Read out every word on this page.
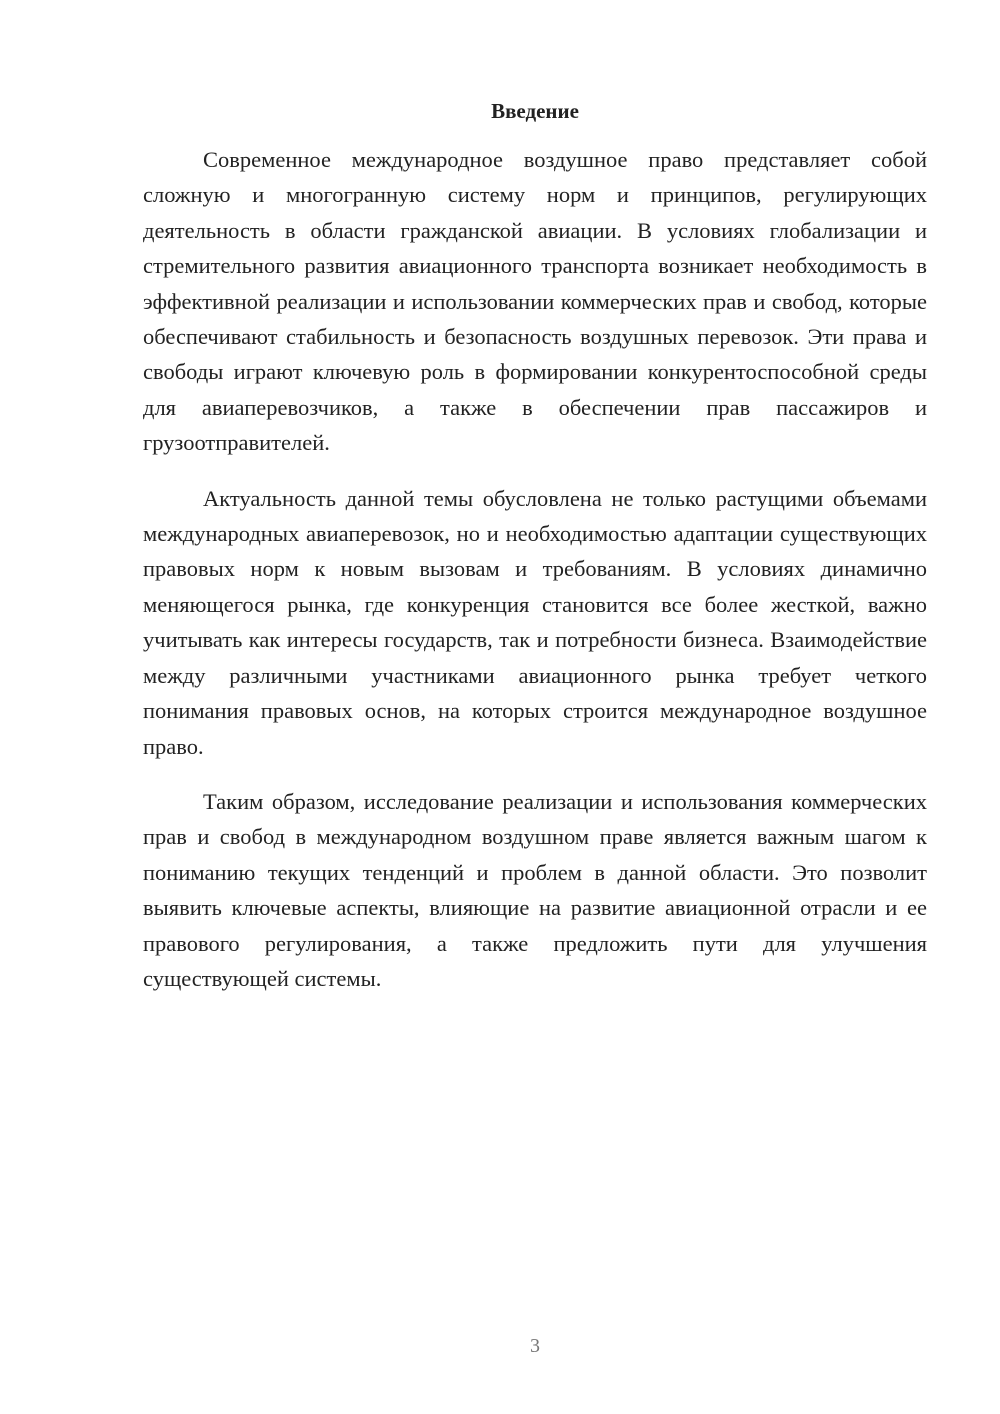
Введение

Современное международное воздушное право представляет собой сложную и многогранную систему норм и принципов, регулирующих деятельность в области гражданской авиации. В условиях глобализации и стремительного развития авиационного транспорта возникает необходимость в эффективной реализации и использовании коммерческих прав и свобод, которые обеспечивают стабильность и безопасность воздушных перевозок. Эти права и свободы играют ключевую роль в формировании конкурентоспособной среды для авиаперевозчиков, а также в обеспечении прав пассажиров и грузоотправителей.

Актуальность данной темы обусловлена не только растущими объемами международных авиаперевозок, но и необходимостью адаптации существующих правовых норм к новым вызовам и требованиям. В условиях динамично меняющегося рынка, где конкуренция становится все более жесткой, важно учитывать как интересы государств, так и потребности бизнеса. Взаимодействие между различными участниками авиационного рынка требует четкого понимания правовых основ, на которых строится международное воздушное право.

Таким образом, исследование реализации и использования коммерческих прав и свобод в международном воздушном праве является важным шагом к пониманию текущих тенденций и проблем в данной области. Это позволит выявить ключевые аспекты, влияющие на развитие авиационной отрасли и ее правового регулирования, а также предложить пути для улучшения существующей системы.

3
